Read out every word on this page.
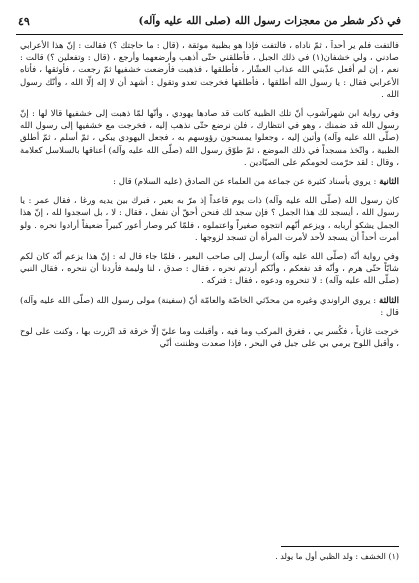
في ذكر شطر من معجزات رسول الله (صلى الله عليه وآله)
٤٩

فالتفت فلم ير أحداً ، ثمّ ناداه ، فالتفت فإذا هو بظبية موثقة ، (قال : ما حاجتك ؟) فقالت : إنّ هذا الأعرابي صادني ، ولي خشفان(١) في ذلك الجبل ، فأطلقني حتّى أذهب وأرضعهما وأرجع ، (قال : وتفعلين ؟) قالت : نعم ، إن لم أفعل عذّبني الله عذاب العشّار ، فأطلقها ، فذهبت فأرضعت خشفيها ثمّ رجعت ، فأوثقها ، فأتاه الأعرابي فقال : يا رسول الله أطلقها ، فأطلقها فخرجت تعدو وتقول : أشهد أن لا إله إلّا الله ، وأنّك رسول الله .

وفي رواية ابن شهرآشوب أنّ تلك الظبية كانت قد صادها يهودي ، وأنّها لمّا ذهبت إلى خشفيها قالا لها : إنّ رسول الله قد ضمنك ، وهو في انتظارك ، فلن نرضع حتّى نذهب إليه ، فخرجت مع خشفيها إلى رسول الله (صلّى الله عليه وآله) وأتين إليه ، وجعلوا يمسحون رؤوسهم به ، فجعل اليهودي يبكي ، ثمّ أسلم ، ثمّ أطلق الظبية ، واتّخذ مسجداً في ذلك الموضع ، ثمّ طوّق رسول الله (صلّى الله عليه وآله) أعناقها بالسلاسل كعلامة ، وقال : لقد حرّمت لحومكم على الصيّادين .

الثانية : يروي بأسناد كثيرة عن جماعة من العلماء عن الصادق (عليه السلام) قال :

كان رسول الله (صلّى الله عليه وآله) ذات يوم قاعداً إذ مرّ به بعير ، فبرك بين يديه ورغا ، فقال عمر : يا رسول الله ، أيسجد لك هذا الجمل ؟ فإن سجد لك فنحن أحقّ أن نفعل ، فقال : لا ، بل اسجدوا لله ، إنّ هذا الجمل يشكو أربابه ، ويزعم أنّهم انتجوه صغيراً واعتملوه ، فلمّا كبر وصار أعور كبيراً ضعيفاً أرادوا نحره . ولو أمرت أحداً أن يسجد لأحد لأمرت المرأة أن تسجد لزوجها .

وفي رواية أنّه (صلّى الله عليه وآله) أرسل إلى صاحب البعير ، فلمّا جاء قال له : إنّ هذا يزعم أنّه كان لكم شابّاً حتّى هرم ، وأنّه قد نفعكم ، وأنّكم أردتم نحره ، فقال : صدق ، لنا وليمة فأردنا أن ننحره ، فقال النبي (صلّى الله عليه وآله) : لا تنحروه ودعوه ، فقال : فتركه .

الثالثة : يروي الراوندي وغيره من محدّثي الخاصّة والعامّة أنّ (سفينة) مولى رسول الله (صلّى الله عليه وآله) قال :

خرجت غازياً ، فكُسر بي ، فغرق المركب وما فيه ، وأقبلت وما عليّ إلّا خرقة قد اتّزرت بها ، وكنت على لوح ، وأقبل اللوح يرمي بي على جبل في البحر ، فإذا صعدت وظننت أنّي

(١) الخشف : ولد الظبي أول ما يولد .
